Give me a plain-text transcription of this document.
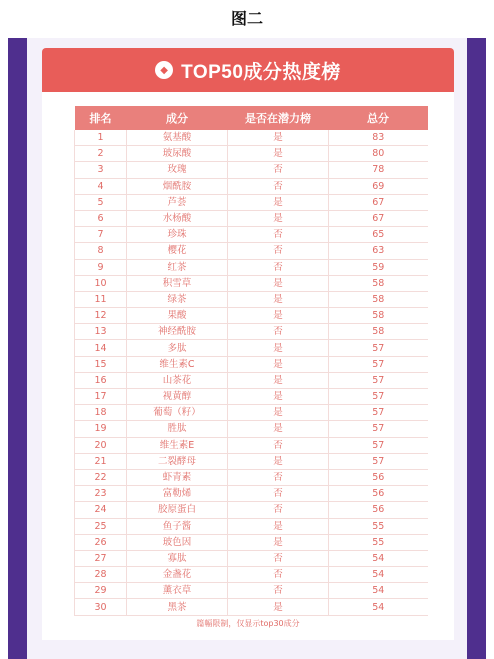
图二
◆ TOP50成分热度榜
排名	成分	是否在潜力榜	总分
1	氨基酸	是	83
2	玻尿酸	是	80
3	玫瑰	否	78
4	烟酰胺	否	69
5	芦荟	是	67
6	水杨酸	是	67
7	珍珠	否	65
8	樱花	否	63
9	红茶	否	59
10	积雪草	是	58
11	绿茶	是	58
12	果酸	是	58
13	神经酰胺	否	58
14	多肽	是	57
15	维生素C	是	57
16	山茶花	是	57
17	视黄醇	是	57
18	葡萄（籽）	是	57
19	胜肽	是	57
20	维生素E	否	57
21	二裂酵母	是	57
22	虾青素	否	56
23	富勒烯	否	56
24	胶原蛋白	否	56
25	鱼子酱	是	55
26	玻色因	是	55
27	寡肽	否	54
28	金盏花	否	54
29	薰衣草	否	54
30	黑茶	是	54
篇幅限制，仅显示top30成分
